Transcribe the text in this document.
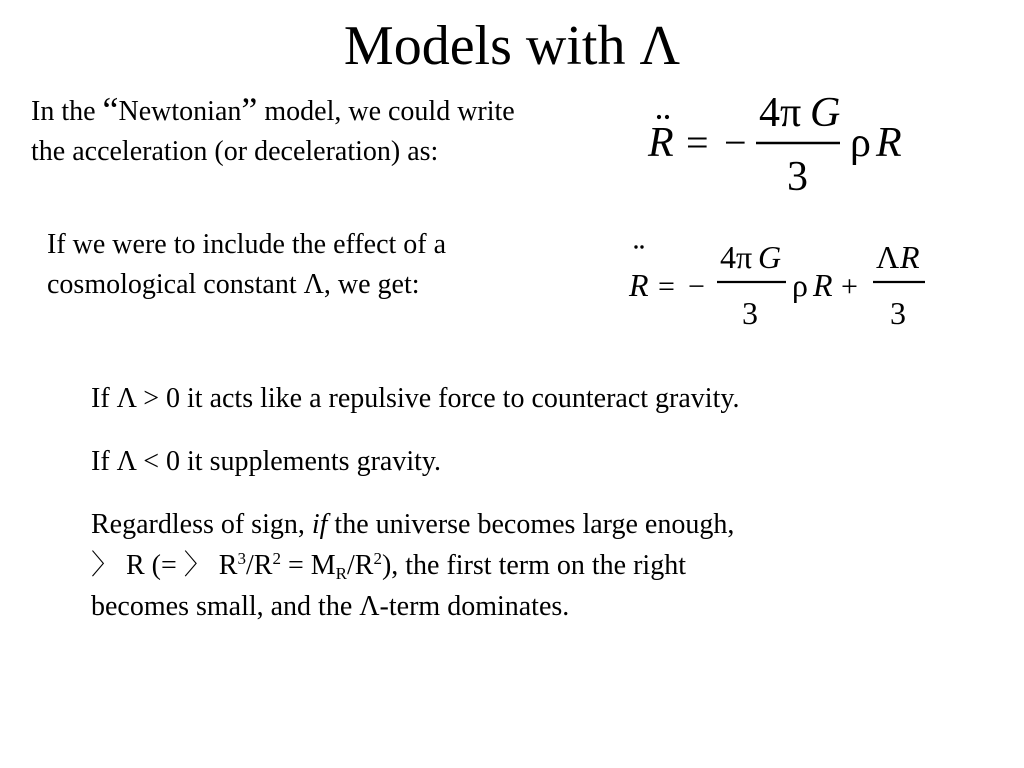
Models with Λ
In the “Newtonian” model, we could write
the acceleration (or deceleration) as:	R = −
4π G
3
ρ R
If we were to include the effect of a
cosmological constant Λ, we get:	R = −
4π G
3
ρ R +
Λ R
3

If Λ > 0 it acts like a repulsive force to counteract gravity.

If Λ < 0 it supplements gravity.

Regardless of sign, if the universe becomes large enough,
〉 R (= 〉 $R^3/R^2 = M_R/R^2$), the first term on the right
becomes small, and the Λ-term dominates.
